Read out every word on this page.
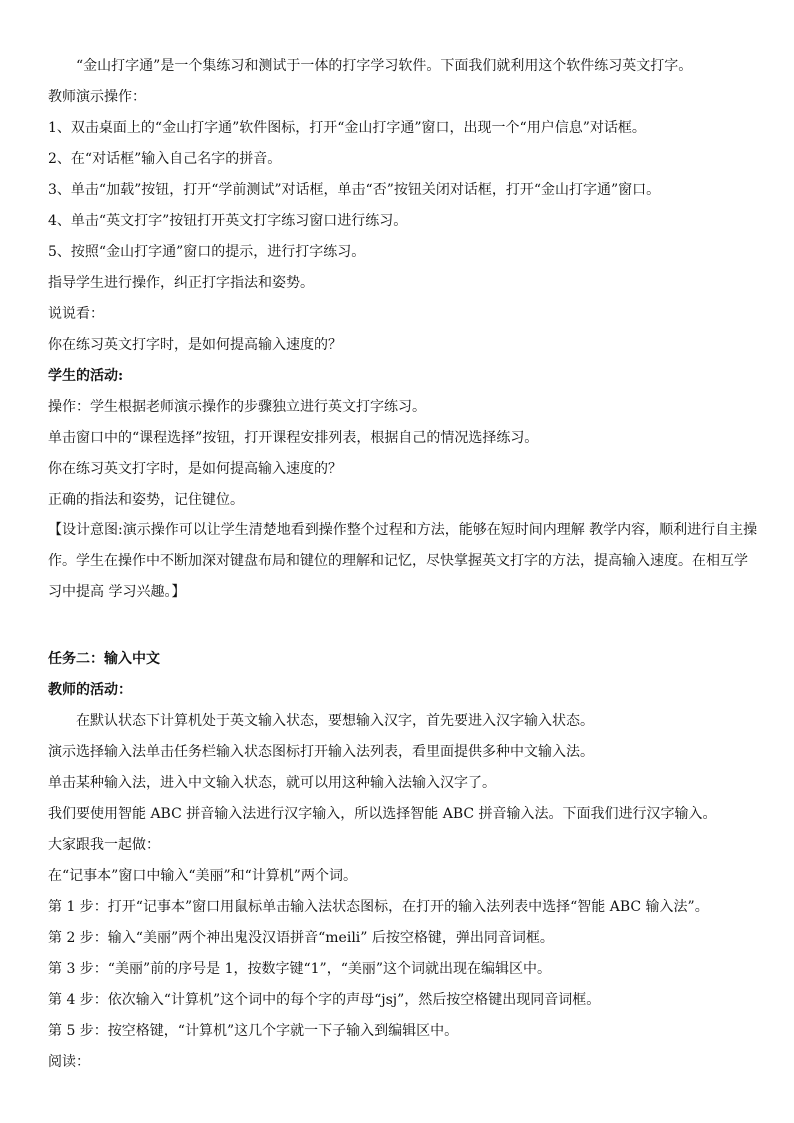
“金山打字通”是一个集练习和测试于一体的打字学习软件。下面我们就利用这个软件练习英文打字。
教师演示操作：
1、双击桌面上的“金山打字通”软件图标，打开“金山打字通”窗口，出现一个“用户信息”对话框。
2、在“对话框”输入自己名字的拼音。
3、单击“加载”按钮，打开“学前测试”对话框，单击“否”按钮关闭对话框，打开“金山打字通”窗口。
4、单击“英文打字”按钮打开英文打字练习窗口进行练习。
5、按照“金山打字通”窗口的提示，进行打字练习。
指导学生进行操作，纠正打字指法和姿势。
说说看：
你在练习英文打字时，是如何提高输入速度的？
学生的活动:
操作：学生根据老师演示操作的步骤独立进行英文打字练习。
单击窗口中的“课程选择”按钮，打开课程安排列表，根据自己的情况选择练习。
你在练习英文打字时，是如何提高输入速度的？
正确的指法和姿势，记住键位。
【设计意图:演示操作可以让学生清楚地看到操作整个过程和方法，能够在短时间内理解 教学内容，顺利进行自主操作。学生在操作中不断加深对键盘布局和键位的理解和记忆，尽快掌握英文打字的方法，提高输入速度。在相互学习中提高 学习兴趣。】
任务二：输入中文
教师的活动：
在默认状态下计算机处于英文输入状态，要想输入汉字，首先要进入汉字输入状态。
演示选择输入法单击任务栏输入状态图标打开输入法列表，看里面提供多种中文输入法。
单击某种输入法，进入中文输入状态，就可以用这种输入法输入汉字了。
我们要使用智能 ABC 拼音输入法进行汉字输入，所以选择智能 ABC 拼音输入法。下面我们进行汉字输入。
大家跟我一起做：
在“记事本”窗口中输入“美丽”和“计算机”两个词。
第 1 步：打开“记事本”窗口用鼠标单击输入法状态图标，在打开的输入法列表中选择“智能 ABC 输入法”。
第 2 步：输入“美丽”两个神出鬼没汉语拼音“meili” 后按空格键，弹出同音词框。
第 3 步：“美丽”前的序号是 1，按数字键“1”，“美丽”这个词就出现在编辑区中。
第 4 步：依次输入“计算机”这个词中的每个字的声母“jsj”，然后按空格键出现同音词框。
第 5 步：按空格键，“计算机”这几个字就一下子输入到编辑区中。
阅读：
